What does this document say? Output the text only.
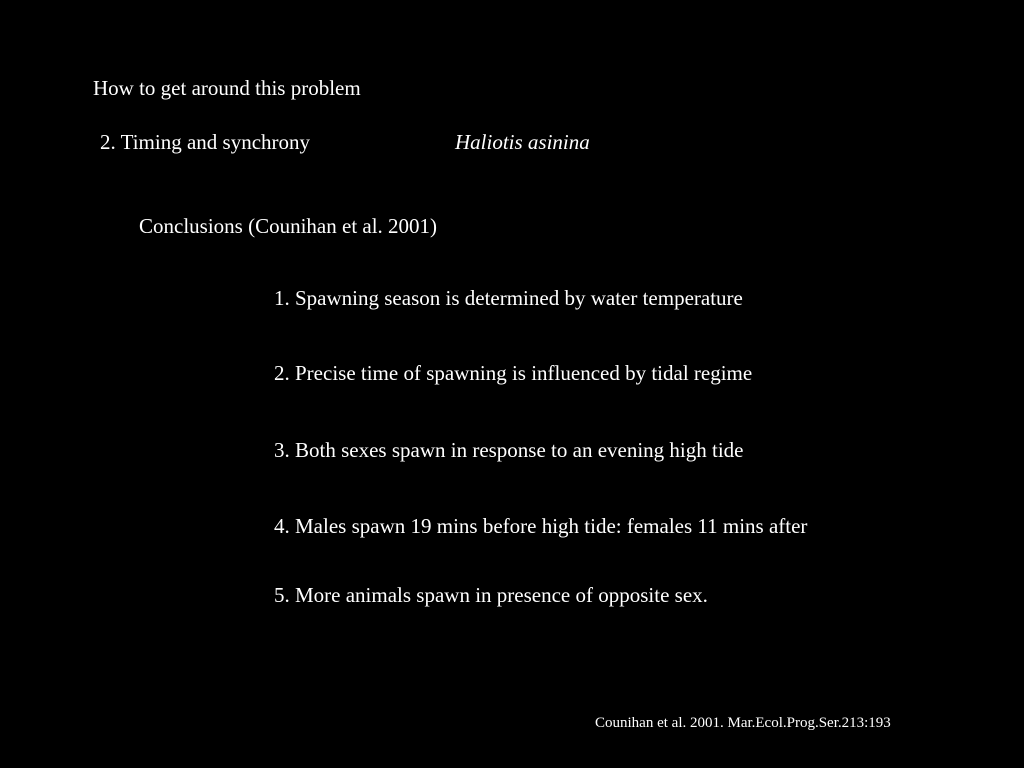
How to get around this problem
2. Timing and synchrony	Haliotis asinina
Conclusions (Counihan et al. 2001)
1. Spawning season is determined by water temperature
2. Precise time of spawning is influenced by tidal regime
3. Both sexes spawn in response to an evening high tide
4. Males spawn 19 mins before high tide: females 11 mins after
5. More animals spawn in presence of opposite sex.
Counihan et al. 2001. Mar.Ecol.Prog.Ser.213:193
